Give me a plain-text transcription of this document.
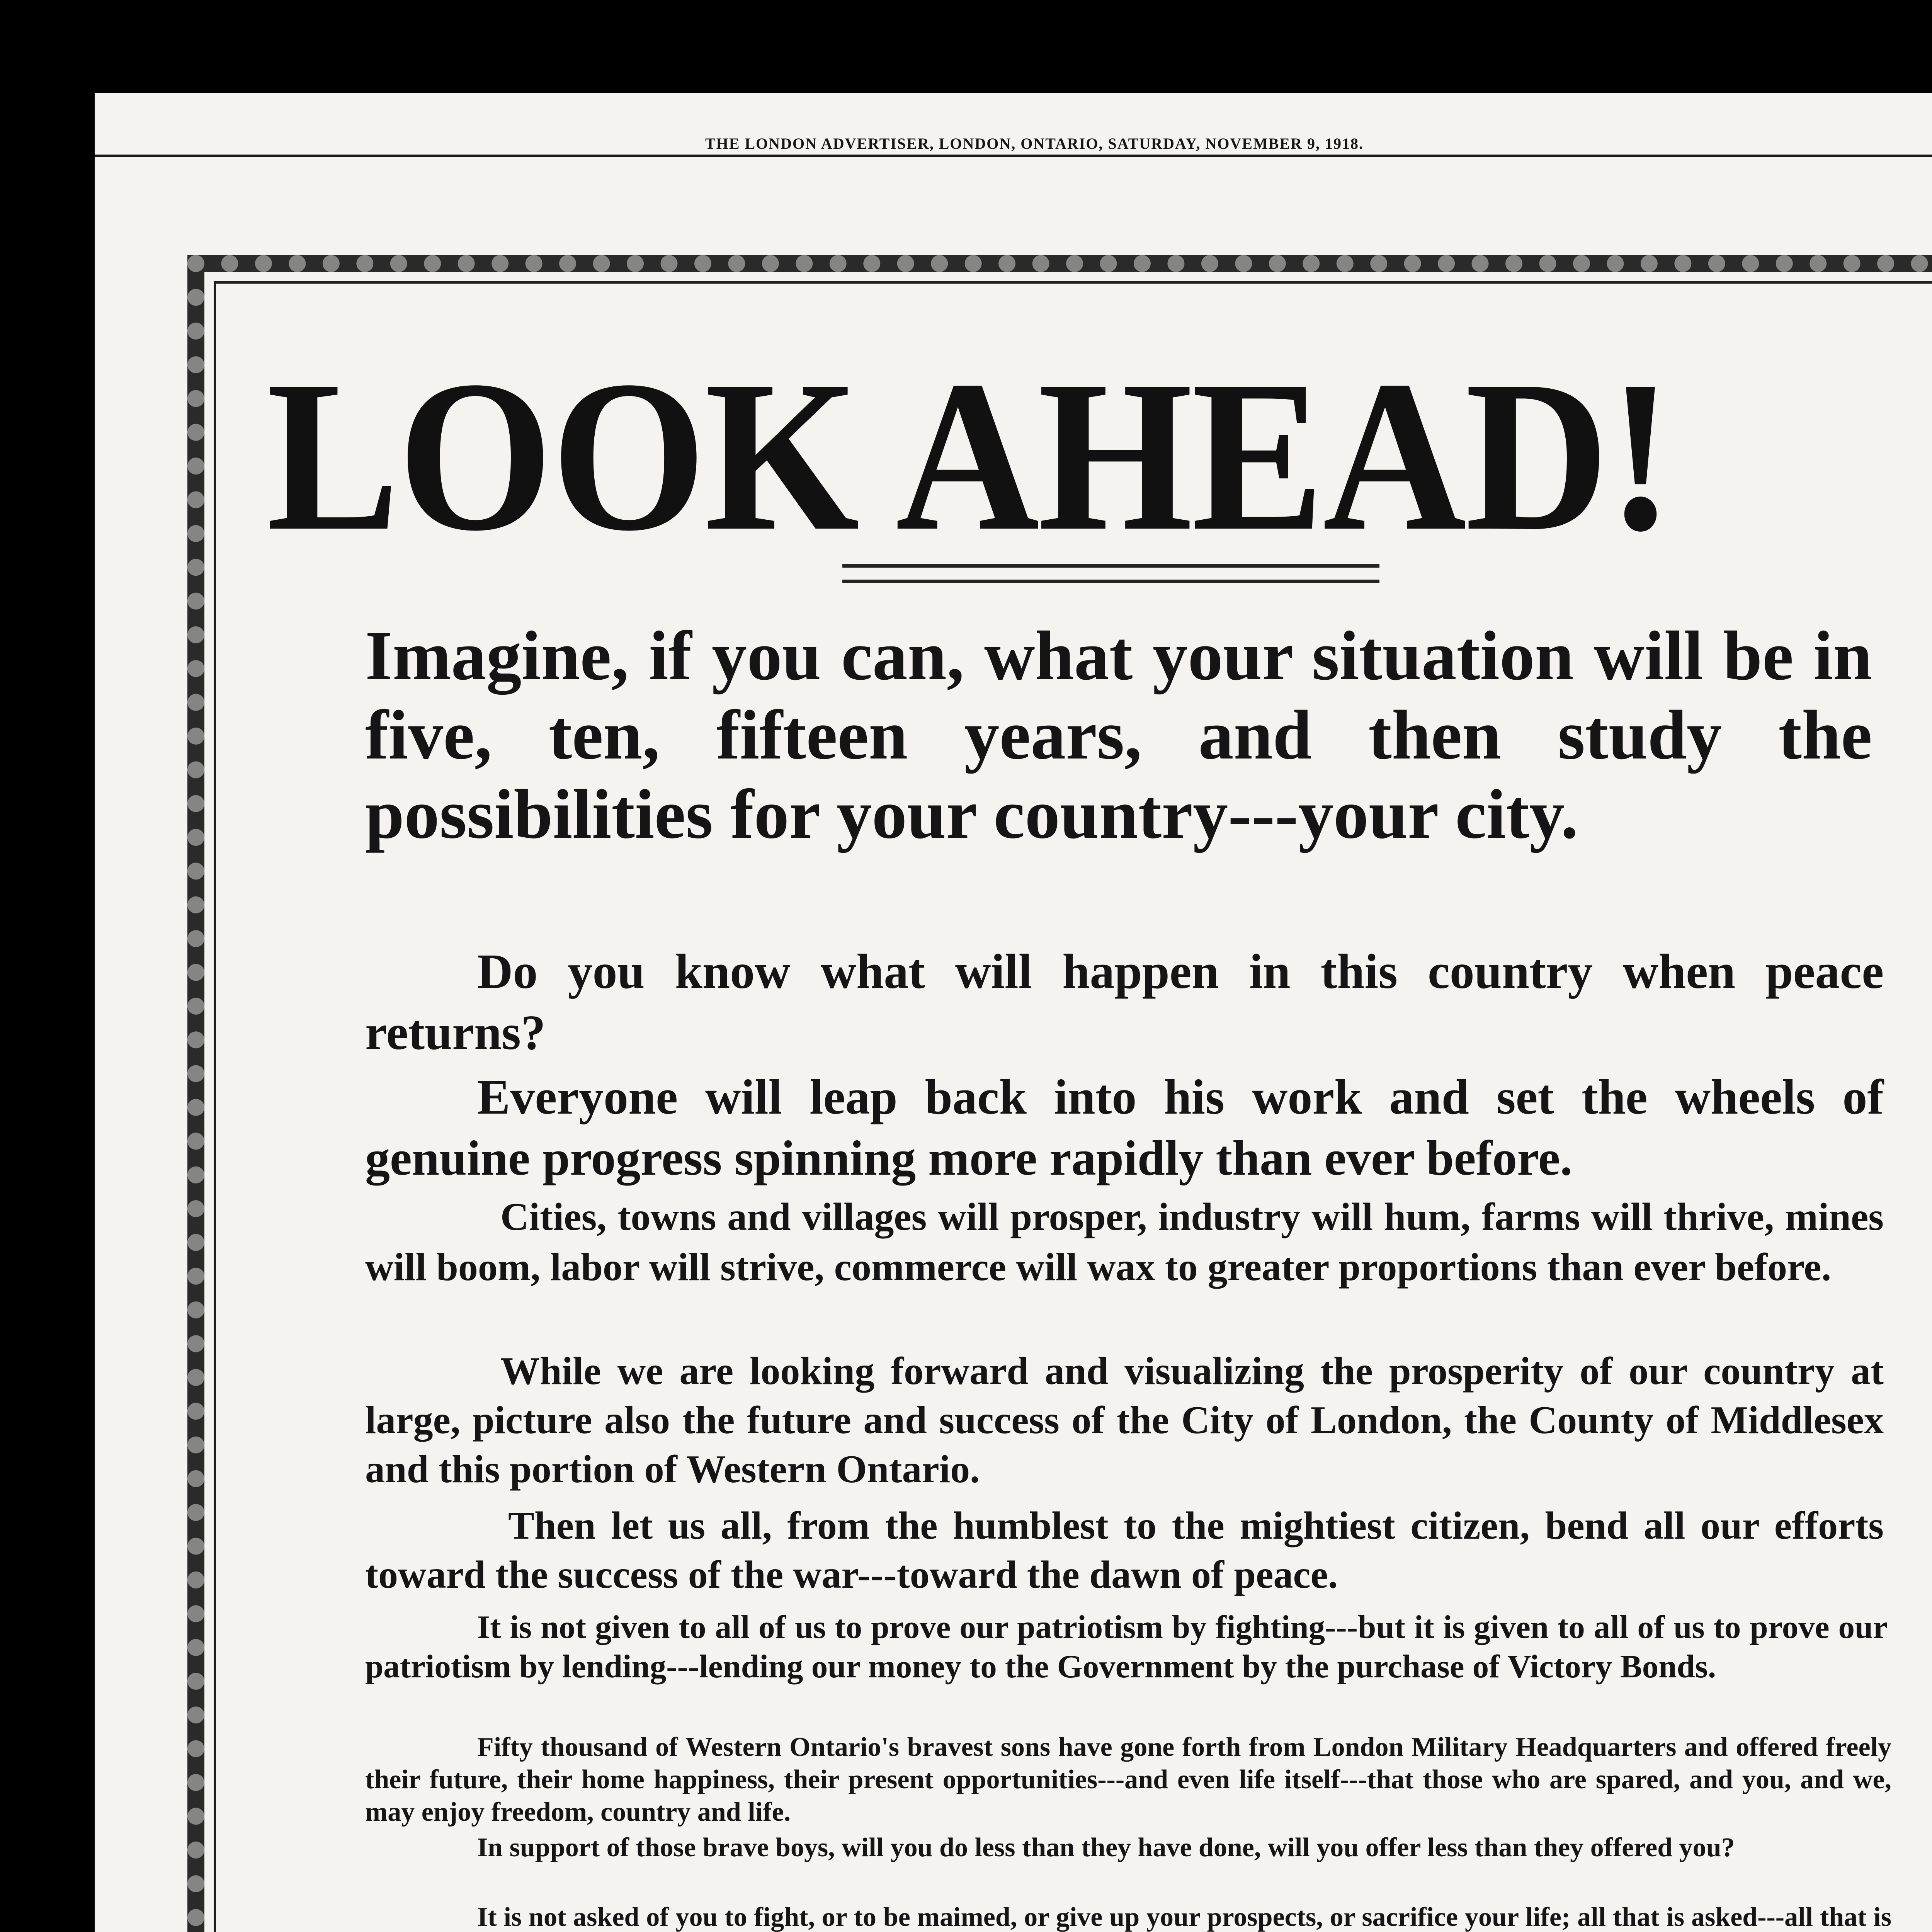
THE LONDON ADVERTISER, LONDON, ONTARIO, SATURDAY, NOVEMBER 9, 1918.
LOOK AHEAD!

Imagine, if you can, what your situation will be in five, ten, fifteen years, and then study the possibilities for your country---your city.

Do you know what will happen in this country when peace returns?

Everyone will leap back into his work and set the wheels of genuine progress spinning more rapidly than ever before.

Cities, towns and villages will prosper, industry will hum, farms will thrive, mines will boom, labor will strive, commerce will wax to greater proportions than ever before.

While we are looking forward and visualizing the prosperity of our country at large, picture also the future and success of the City of London, the County of Middlesex and this portion of Western Ontario.

Then let us all, from the humblest to the mightiest citizen, bend all our efforts toward the success of the war---toward the dawn of peace.

It is not given to all of us to prove our patriotism by fighting---but it is given to all of us to prove our patriotism by lending---lending our money to the Government by the purchase of Victory Bonds.

Fifty thousand of Western Ontario's bravest sons have gone forth from London Military Headquarters and offered freely their future, their home happiness, their present opportunities---and even life itself---that those who are spared, and you, and we, may enjoy freedom, country and life.

In support of those brave boys, will you do less than they have done, will you offer less than they offered you?

It is not asked of you to fight, or to be maimed, or give up your prospects, or sacrifice your life; all that is asked---all that is
